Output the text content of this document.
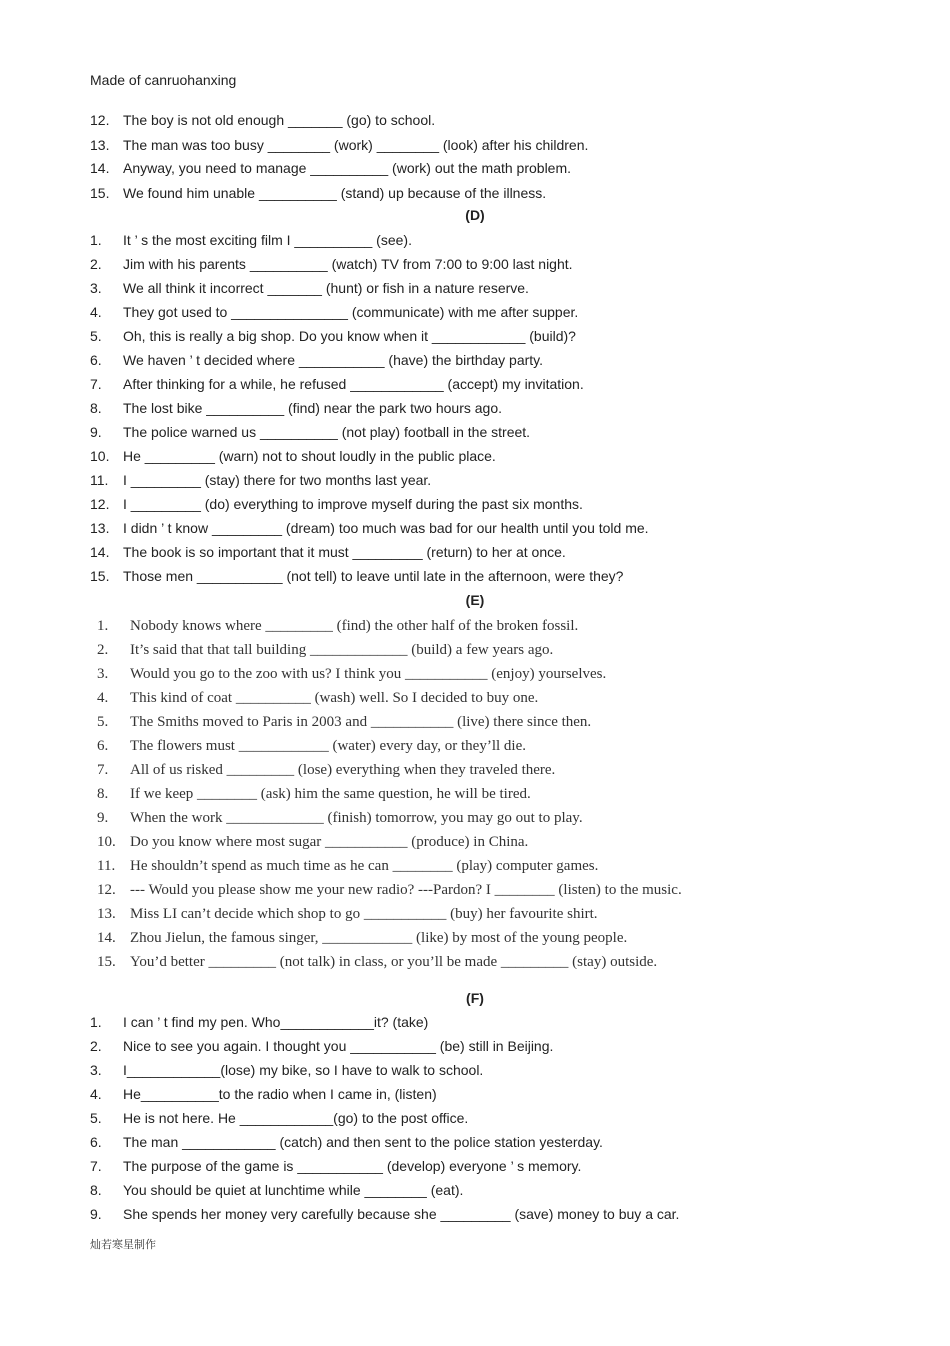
Made of canruohanxing
12. The boy is not old enough _______ (go) to school.
13. The man was too busy ________ (work) ________ (look) after his children.
14. Anyway, you need to manage __________ (work) out the math problem.
15. We found him unable __________ (stand) up because of the illness.
(D)
1. It ’ s the most exciting film I __________ (see).
2. Jim with his parents __________ (watch) TV from 7:00 to 9:00 last night.
3. We all think it incorrect _______ (hunt) or fish in a nature reserve.
4. They got used to _______________ (communicate) with me after supper.
5. Oh, this is really a big shop. Do you know when it ____________ (build)?
6. We haven ’ t decided where ___________ (have) the birthday party.
7. After thinking for a while, he refused ____________ (accept) my invitation.
8. The lost bike __________ (find) near the park two hours ago.
9. The police warned us __________ (not play) football in the street.
10. He _________ (warn) not to shout loudly in the public place.
11. I _________ (stay) there for two months last year.
12. I _________ (do) everything to improve myself during the past six months.
13. I didn ’ t know _________ (dream) too much was bad for our health until you told me.
14. The book is so important that it must _________ (return) to her at once.
15. Those men ___________ (not tell) to leave until late in the afternoon, were they?
(E)
1. Nobody knows where _________ (find) the other half of the broken fossil.
2. It’s said that that tall building _____________ (build) a few years ago.
3. Would you go to the zoo with us? I think you ___________ (enjoy) yourselves.
4. This kind of coat __________ (wash) well. So I decided to buy one.
5. The Smiths moved to Paris in 2003 and ___________ (live) there since then.
6. The flowers must ____________ (water) every day, or they’ll die.
7. All of us risked _________ (lose) everything when they traveled there.
8. If we keep ________ (ask) him the same question, he will be tired.
9. When the work _____________ (finish) tomorrow, you may go out to play.
10. Do you know where most sugar ___________ (produce) in China.
11. He shouldn’t spend as much time as he can ________ (play) computer games.
12. --- Would you please show me your new radio? ---Pardon? I ________ (listen) to the music.
13. Miss LI can’t decide which shop to go ___________ (buy) her favourite shirt.
14. Zhou Jielun, the famous singer, ____________ (like) by most of the young people.
15. You’d better _________ (not talk) in class, or you’ll be made _________ (stay) outside.
(F)
1. I can ’ t find my pen. Who____________it? (take)
2. Nice to see you again. I thought you ___________ (be) still in Beijing.
3. I____________(lose) my bike, so I have to walk to school.
4. He__________to the radio when I came in, (listen)
5. He is not here. He ____________(go) to the post office.
6. The man ____________ (catch) and then sent to the police station yesterday.
7. The purpose of the game is ___________ (develop) everyone ’ s memory.
8. You should be quiet at lunchtime while ________ (eat).
9. She spends her money very carefully because she _________ (save) money to buy a car.
灿若寒星制作
